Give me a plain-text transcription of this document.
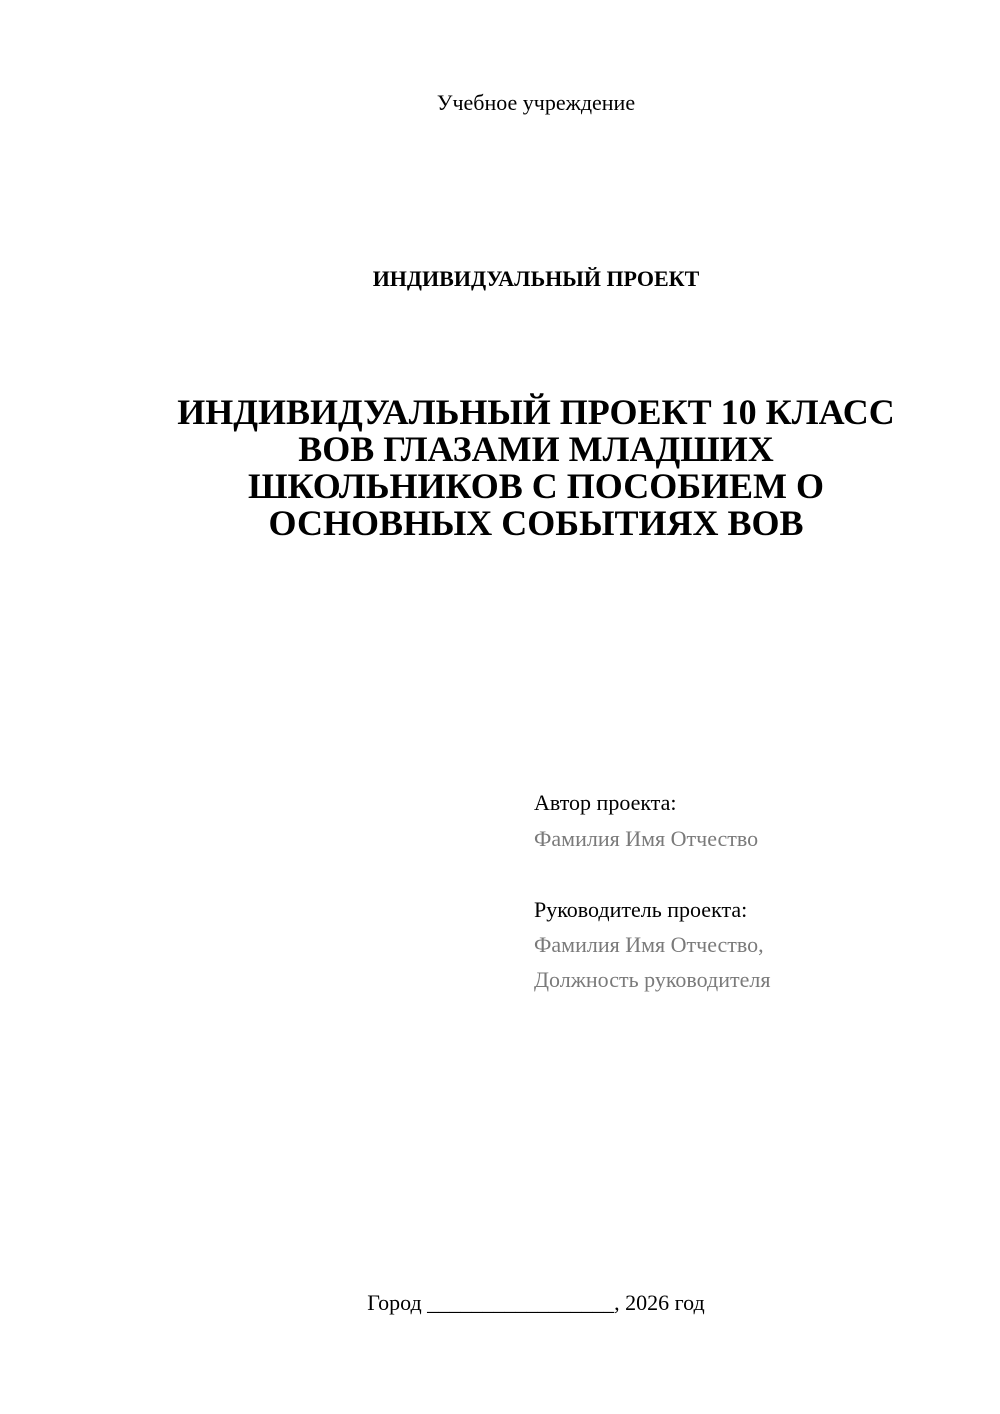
Учебное учреждение
ИНДИВИДУАЛЬНЫЙ ПРОЕКТ
ИНДИВИДУАЛЬНЫЙ ПРОЕКТ 10 КЛАСС
ВОВ ГЛАЗАМИ МЛАДШИХ
ШКОЛЬНИКОВ С ПОСОБИЕМ О
ОСНОВНЫХ СОБЫТИЯХ ВОВ
Автор проекта:
Фамилия Имя Отчество
Руководитель проекта:
Фамилия Имя Отчество,
Должность руководителя
Город _________________, 2026 год
